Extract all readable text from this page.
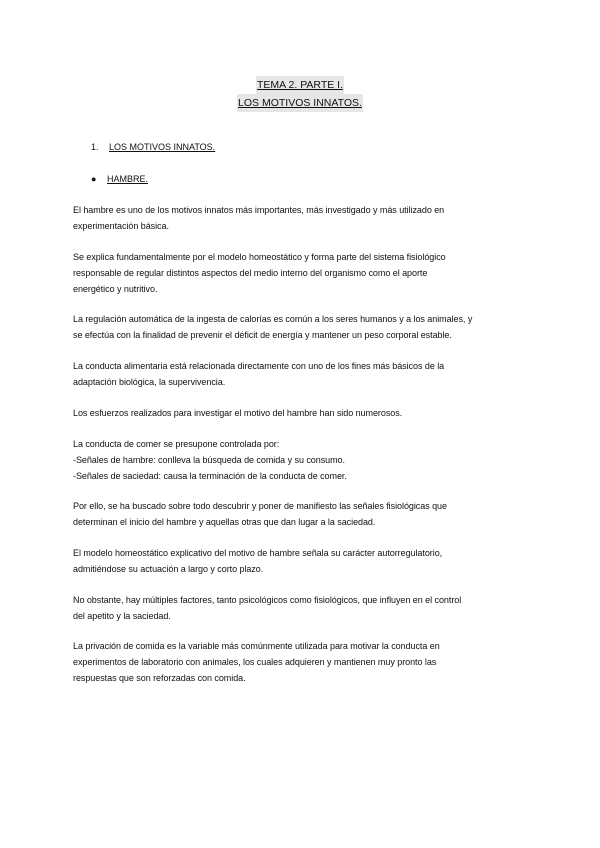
TEMA 2. PARTE I.
LOS MOTIVOS INNATOS.
1. LOS MOTIVOS INNATOS.
● HAMBRE.
El hambre es uno de los motivos innatos más importantes, más investigado y más utilizado en
experimentación básica.
Se explica fundamentalmente por el modelo homeostático y forma parte del sistema fisiológico
responsable de regular distintos aspectos del medio interno del organismo como el aporte
energético y nutritivo.
La regulación automática de la ingesta de calorías es común a los seres humanos y a los animales, y
se efectúa con la finalidad de prevenir el déficit de energía y mantener un peso corporal estable.
La conducta alimentaria está relacionada directamente con uno de los fines más básicos de la
adaptación biológica, la supervivencia.
Los esfuerzos realizados para investigar el motivo del hambre han sido numerosos.
La conducta de comer se presupone controlada por:
-Señales de hambre: conlleva la búsqueda de comida y su consumo.
-Señales de saciedad: causa la terminación de la conducta de comer.
Por ello, se ha buscado sobre todo descubrir y poner de manifiesto las señales fisiológicas que
determinan el inicio del hambre y aquellas otras que dan lugar a la saciedad.
El modelo homeostático explicativo del motivo de hambre señala su carácter autorregulatorio,
admitiéndose su actuación a largo y corto plazo.
No obstante, hay múltiples factores, tanto psicológicos como fisiológicos, que influyen en el control
del apetito y la saciedad.
La privación de comida es la variable más comúnmente utilizada para motivar la conducta en
experimentos de laboratorio con animales, los cuales adquieren y mantienen muy pronto las
respuestas que son reforzadas con comida.
